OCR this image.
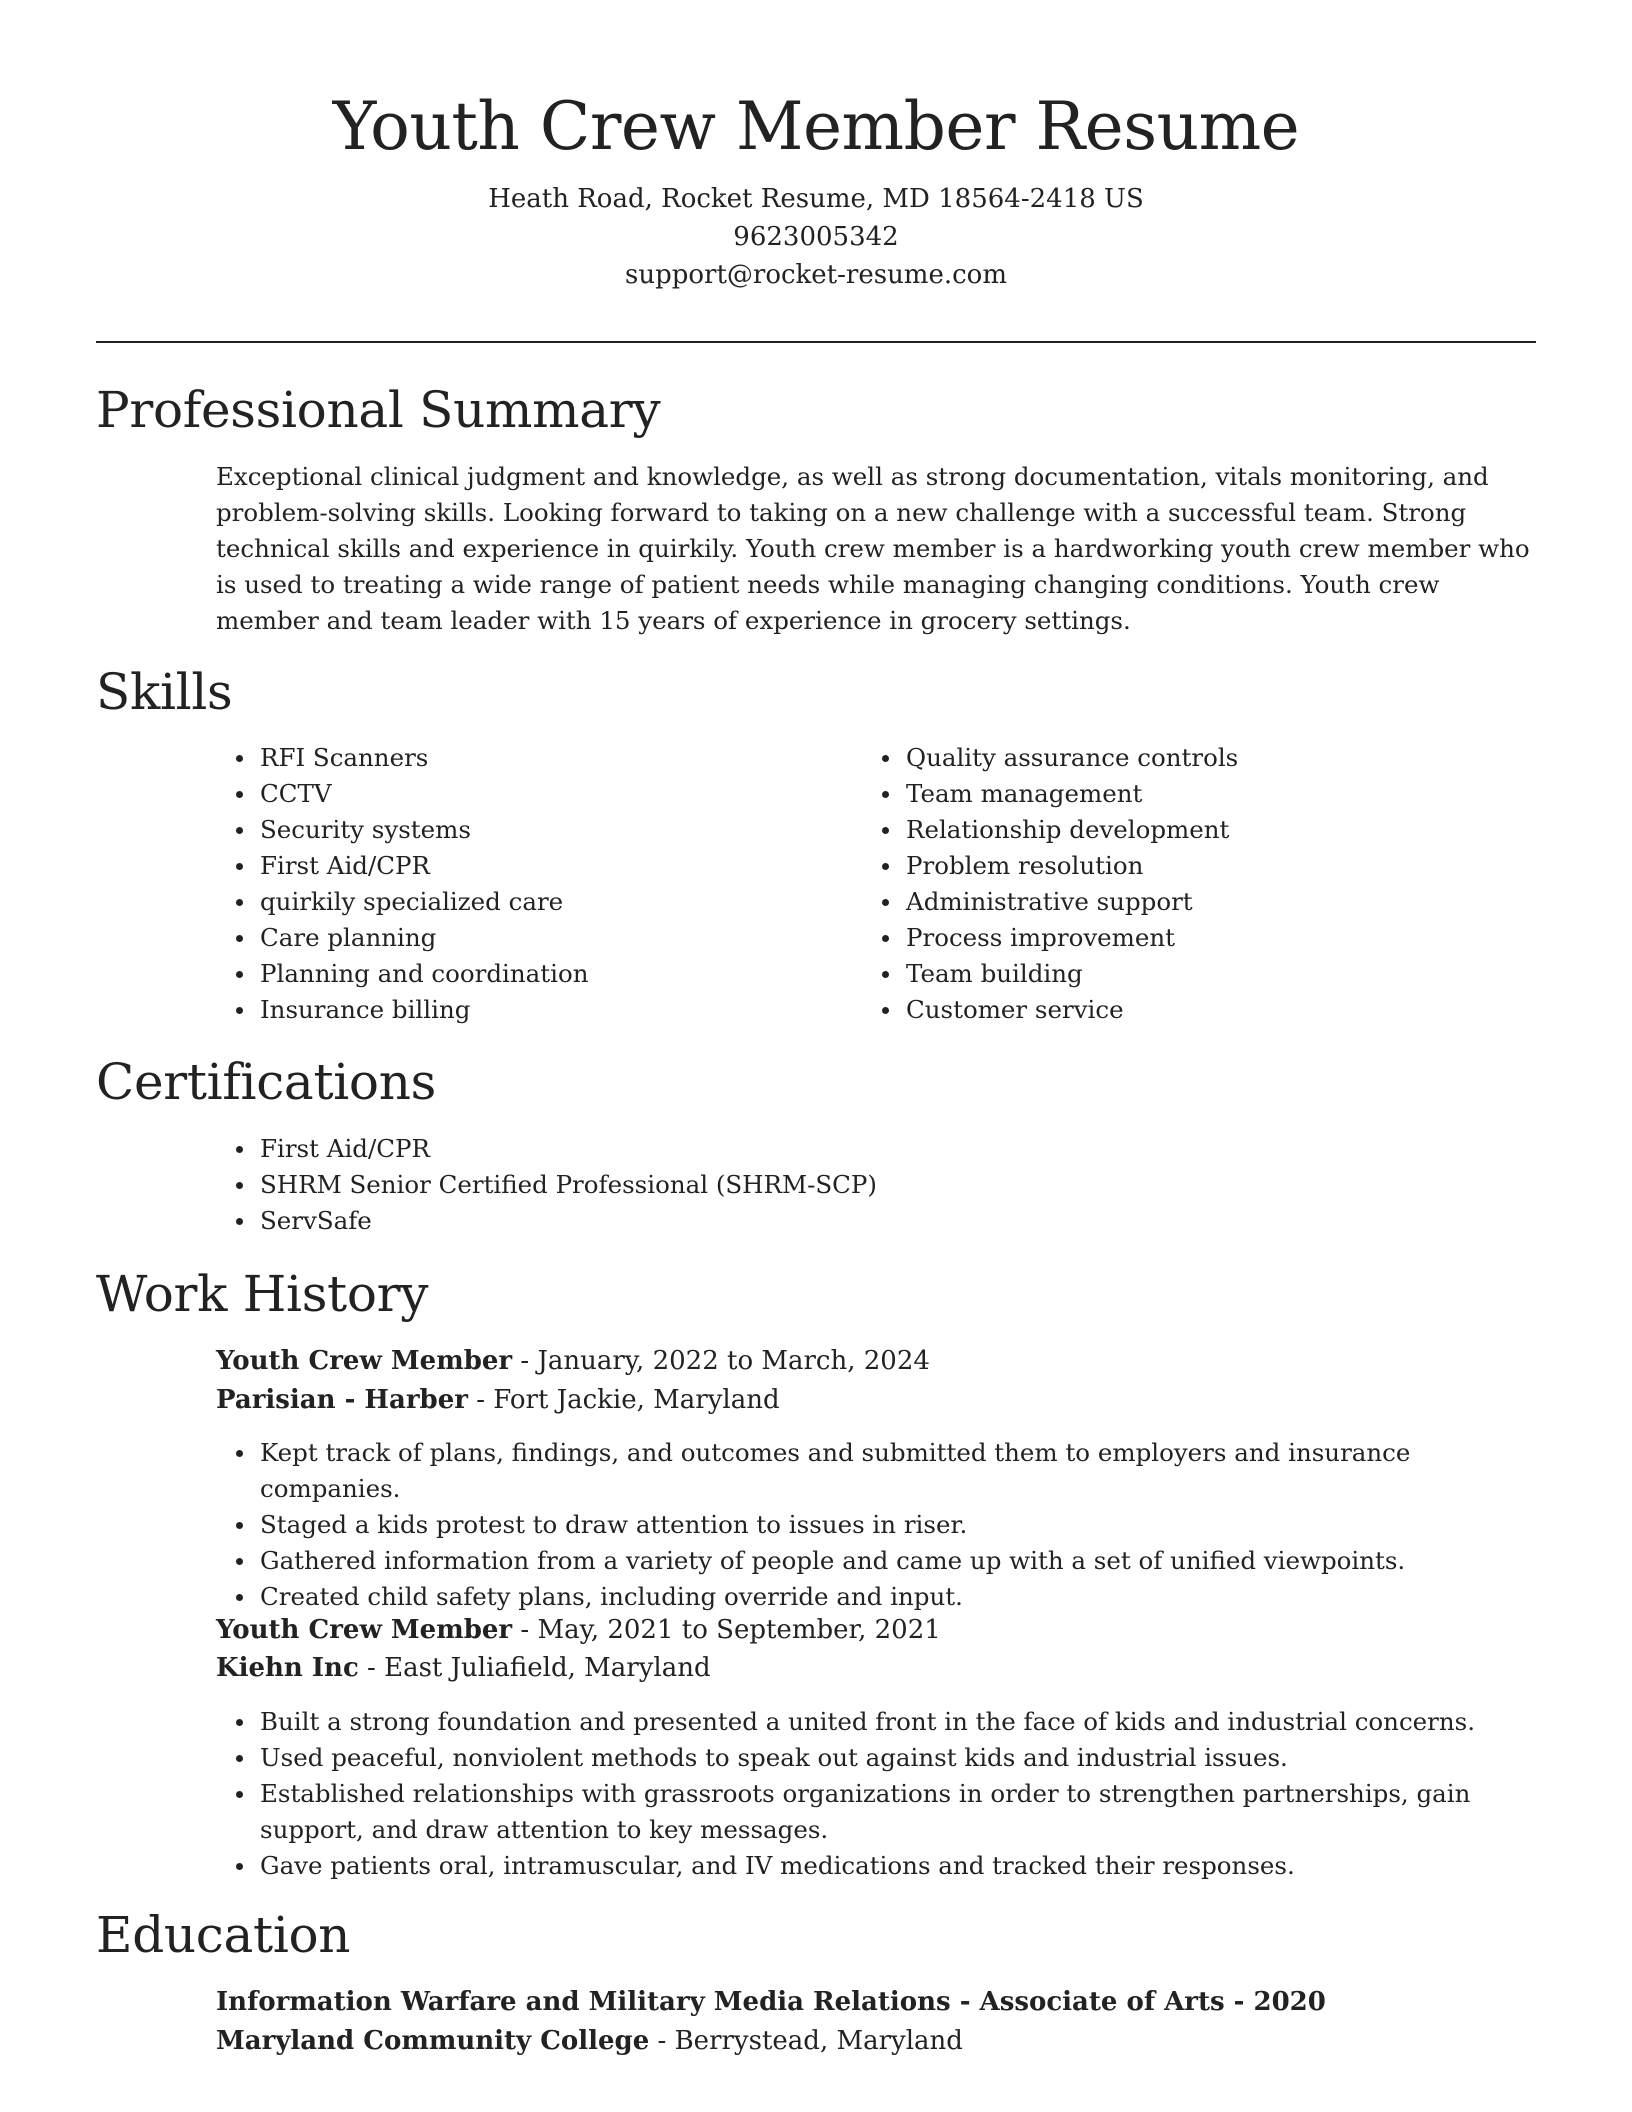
Youth Crew Member Resume
Heath Road, Rocket Resume, MD 18564-2418 US
9623005342
support@rocket-resume.com
Professional Summary

Exceptional clinical judgment and knowledge, as well as strong documentation, vitals monitoring, and problem-solving skills. Looking forward to taking on a new challenge with a successful team. Strong technical skills and experience in quirkily. Youth crew member is a hardworking youth crew member who is used to treating a wide range of patient needs while managing changing conditions. Youth crew member and team leader with 15 years of experience in grocery settings.

Skills
RFI Scanners
CCTV
Security systems
First Aid/CPR
quirkily specialized care
Care planning
Planning and coordination
Insurance billing
Quality assurance controls
Team management
Relationship development
Problem resolution
Administrative support
Process improvement
Team building
Customer service
Certifications
First Aid/CPR
SHRM Senior Certified Professional (SHRM-SCP)
ServSafe
Work History
Youth Crew Member - January, 2022 to March, 2024
Parisian - Harber - Fort Jackie, Maryland
Kept track of plans, findings, and outcomes and submitted them to employers and insurance companies.
Staged a kids protest to draw attention to issues in riser.
Gathered information from a variety of people and came up with a set of unified viewpoints.
Created child safety plans, including override and input.
Youth Crew Member - May, 2021 to September, 2021
Kiehn Inc - East Juliafield, Maryland
Built a strong foundation and presented a united front in the face of kids and industrial concerns.
Used peaceful, nonviolent methods to speak out against kids and industrial issues.
Established relationships with grassroots organizations in order to strengthen partnerships, gain support, and draw attention to key messages.
Gave patients oral, intramuscular, and IV medications and tracked their responses.
Education
Information Warfare and Military Media Relations - Associate of Arts - 2020
Maryland Community College - Berrystead, Maryland
